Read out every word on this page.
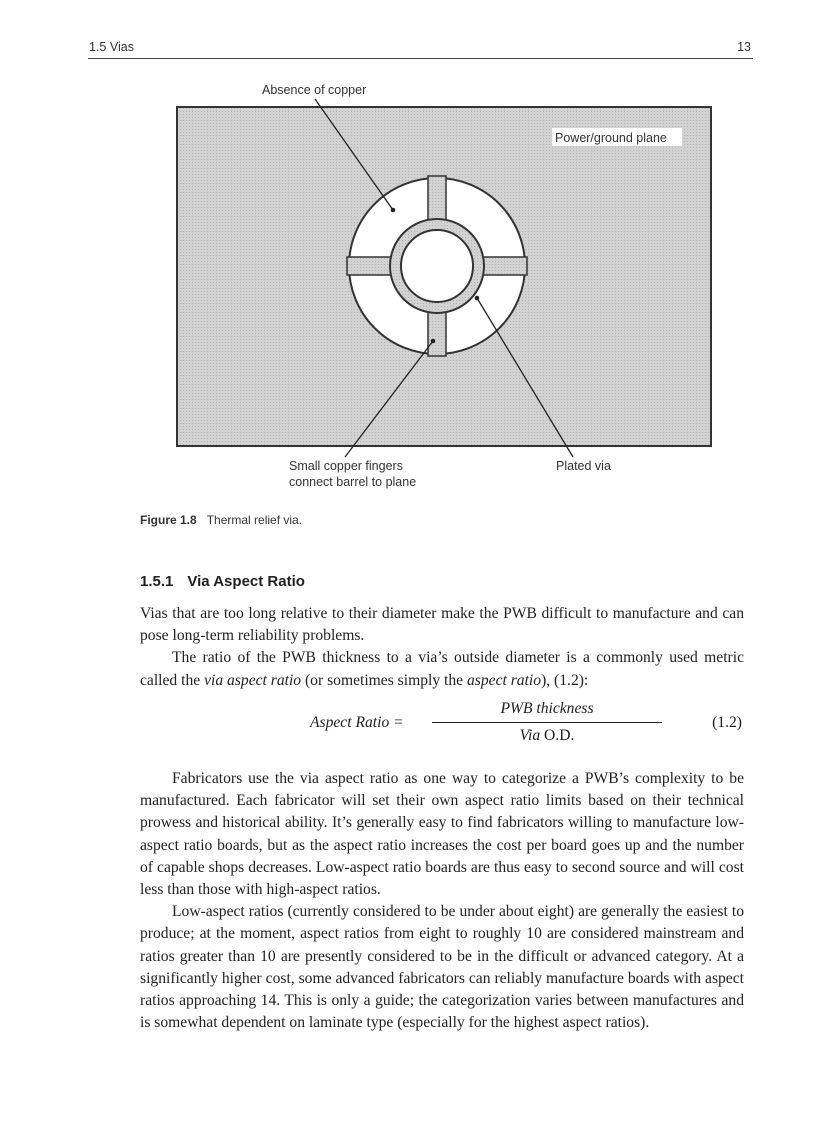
1.5 Vias	13
Absence of copper
Power/ground plane
Small copper fingers
connect barrel to plane
Plated via
Figure 1.8 Thermal relief via.
1.5.1 Via Aspect Ratio

Vias that are too long relative to their diameter make the PWB difficult to manufacture and can pose long-term reliability problems.

The ratio of the PWB thickness to a via’s outside diameter is a commonly used metric called the via aspect ratio (or sometimes simply the aspect ratio), (1.2):

Aspect Ratio =
PWB thickness
Via O.D.
(1.2)

Fabricators use the via aspect ratio as one way to categorize a PWB’s complexity to be manufactured. Each fabricator will set their own aspect ratio limits based on their technical prowess and historical ability. It’s generally easy to find fabricators willing to manufacture low-aspect ratio boards, but as the aspect ratio increases the cost per board goes up and the number of capable shops decreases. Low-aspect ratio boards are thus easy to second source and will cost less than those with high-aspect ratios.

Low-aspect ratios (currently considered to be under about eight) are generally the easiest to produce; at the moment, aspect ratios from eight to roughly 10 are considered mainstream and ratios greater than 10 are presently considered to be in the difficult or advanced category. At a significantly higher cost, some advanced fabricators can reliably manufacture boards with aspect ratios approaching 14. This is only a guide; the categorization varies between manufactures and is somewhat dependent on laminate type (especially for the highest aspect ratios).
